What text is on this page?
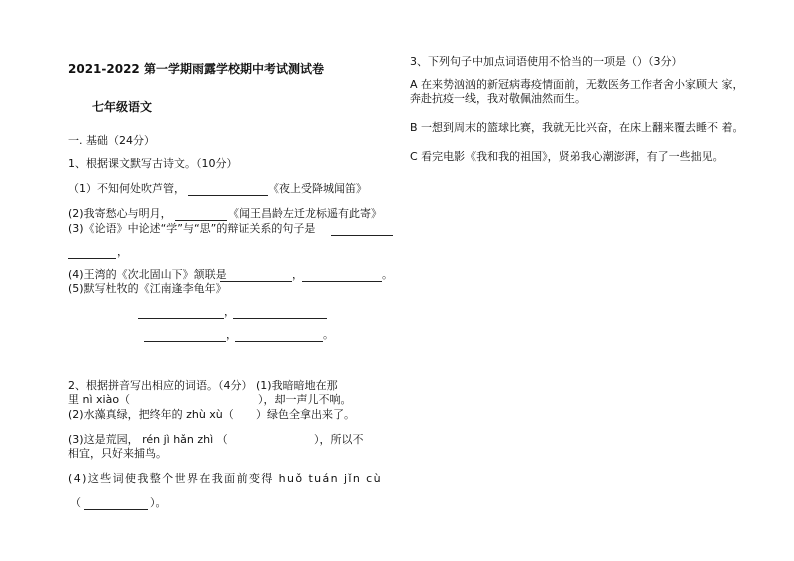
2021-2022 第一学期雨露学校期中考试测试卷
七年级语文
一. 基础（24分）
1、根据课文默写古诗文。（10分）
（1）不知何处吹芦管，	《夜上受降城闻笛》
(2)我寄愁心与明月，	《闻王昌龄左迁龙标遥有此寄》
(3)《论语》中论述“学”与“思”的辩证关系的句子是
，
(4)王湾的《次北固山下》颔联是	，	。
(5)默写杜牧的《江南逢李龟年》
，
，	。
2、根据拼音写出相应的词语。（4分） (1)我暗暗地在那
里 nì xiào（	），却一声儿不响。
(2)水藻真绿，把终年的 zhù xù（ ）绿色全拿出来了。
(3)这是荒园， rén jì hǎn zhì （	），所以不
相宜，只好来捕鸟。
(4)这些词使我整个世界在我面前变得 huǒ tuán jǐn cù
（	）。
3、下列句子中加点词语使用不恰当的一项是（）（3分）
A 在来势汹汹的新冠病毒疫情面前，无数医务工作者舍小家顾大 家，
奔赴抗疫一线，我对敬佩油然而生。
B 一想到周末的篮球比赛，我就无比兴奋，在床上翻来覆去睡不 着。
C 看完电影《我和我的祖国》，贤弟我心潮澎湃，有了一些拙见。
